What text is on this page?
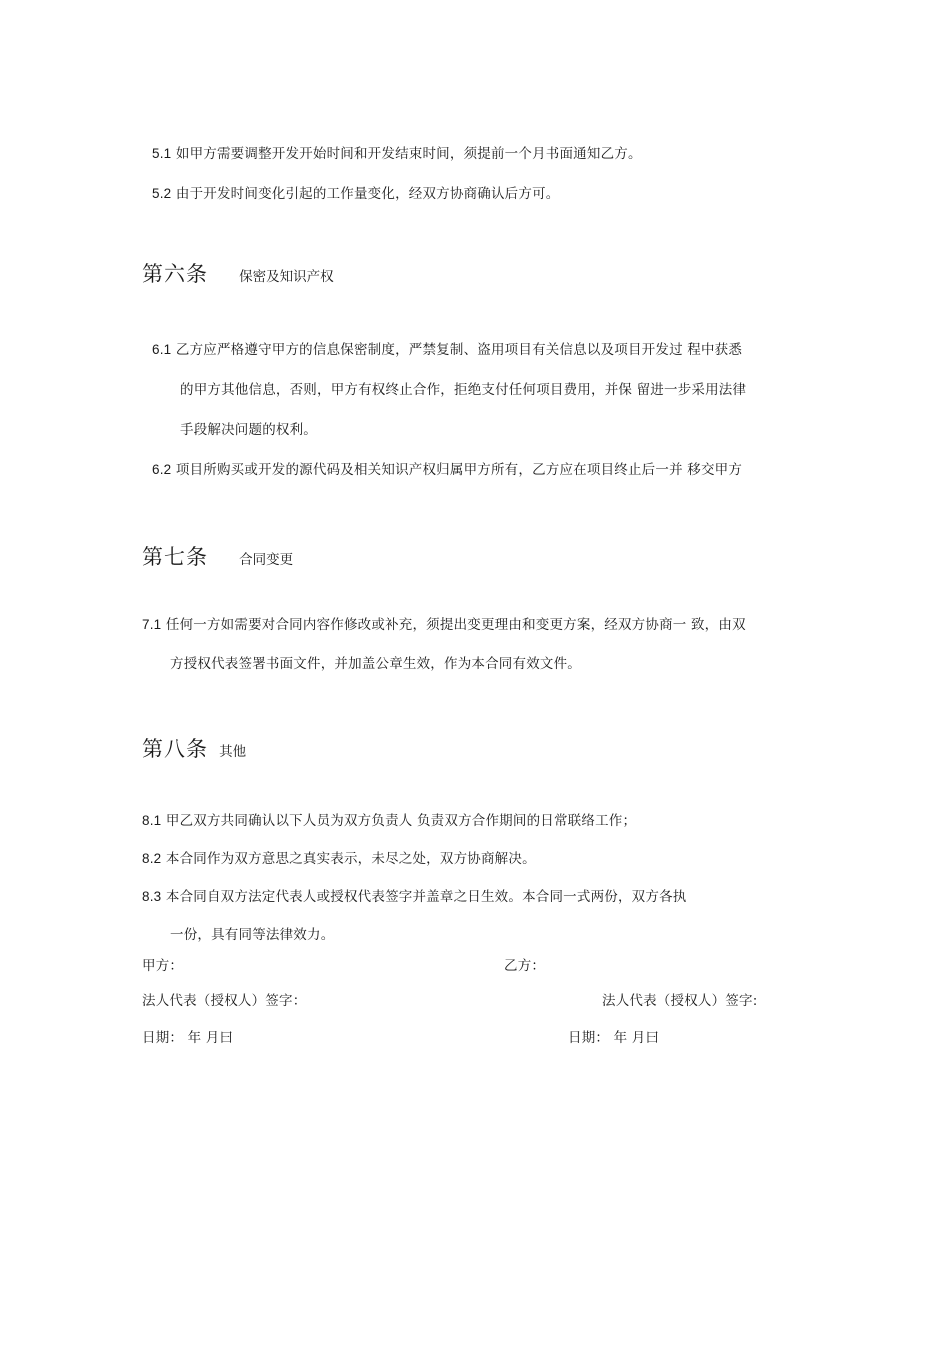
5.1 如甲方需要调整开发开始时间和开发结束时间，须提前一个月书面通知乙方。
5.2 由于开发时间变化引起的工作量变化，经双方协商确认后方可。
第六条 保密及知识产权
6.1 乙方应严格遵守甲方的信息保密制度，严禁复制、盗用项目有关信息以及项目开发过 程中获悉
的甲方其他信息，否则，甲方有权终止合作，拒绝支付任何项目费用，并保 留进一步采用法律
手段解决问题的权利。
6.2 项目所购买或开发的源代码及相关知识产权归属甲方所有，乙方应在项目终止后一并 移交甲方
第七条 合同变更
7.1 任何一方如需要对合同内容作修改或补充，须提出变更理由和变更方案，经双方协商一 致，由双
方授权代表签署书面文件，并加盖公章生效，作为本合同有效文件。
第八条 其他
8.1 甲乙双方共同确认以下人员为双方负责人 负责双方合作期间的日常联络工作；
8.2 本合同作为双方意思之真实表示，未尽之处，双方协商解决。
8.3 本合同自双方法定代表人或授权代表签字并盖章之日生效。本合同一式两份，双方各执
一份，具有同等法律效力。
甲方：	乙方：
法人代表（授权人）签字：	法人代表（授权人）签字:
日期： 年 月曰	日期： 年 月曰
